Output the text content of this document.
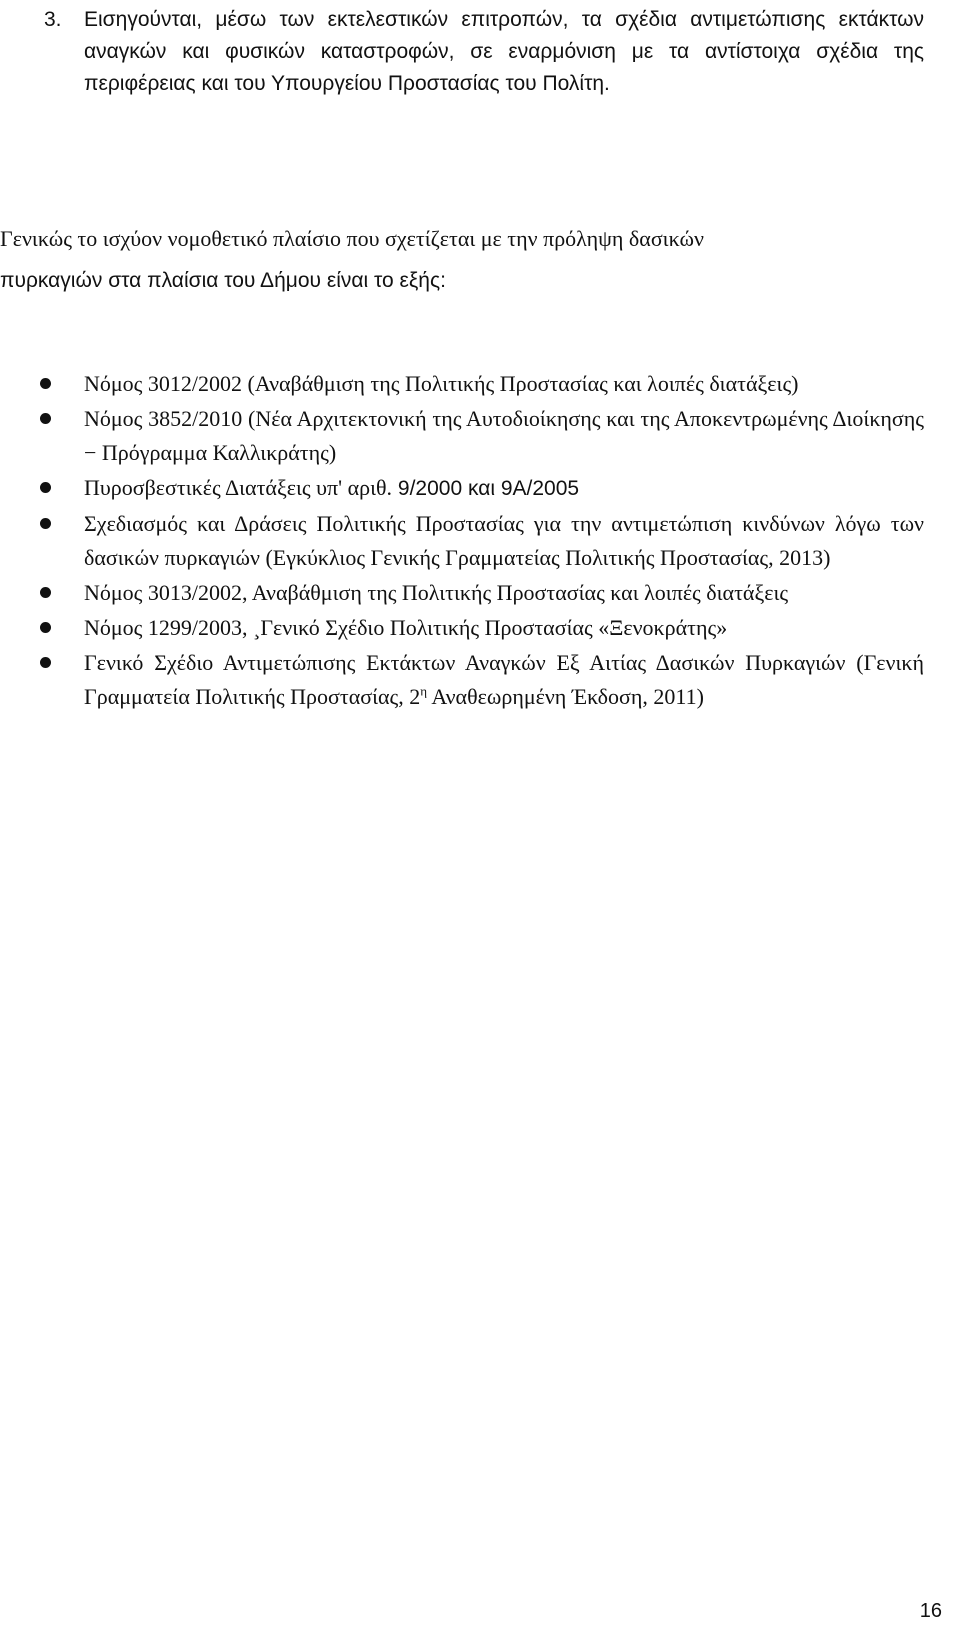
3.	Εισηγούνται, μέσω των εκτελεστικών επιτροπών, τα σχέδια αντιμετώπισης εκτάκτων αναγκών και φυσικών καταστροφών, σε εναρμόνιση με τα αντίστοιχα σχέδια της περιφέρειας και του Υπουργείου Προστασίας του Πολίτη.
Γενικώς το ισχύον νομοθετικό πλαίσιο που σχετίζεται με την πρόληψη δασικών
πυρκαγιών στα πλαίσια του Δήμου είναι το εξής:
Νόμος 3012/2002 (Αναβάθμιση της Πολιτικής Προστασίας και λοιπές διατάξεις)
Νόμος 3852/2010 (Νέα Αρχιτεκτονική της Αυτοδιοίκησης και της Αποκεντρωμένης Διοίκησης − Πρόγραμμα Καλλικράτης)
Πυροσβεστικές Διατάξεις υπ' αριθ. 9/2000 και 9Α/2005
Σχεδιασμός και Δράσεις Πολιτικής Προστασίας για την αντιμετώπιση κινδύνων λόγω των δασικών πυρκαγιών (Εγκύκλιος Γενικής Γραμματείας Πολιτικής Προστασίας, 2013)
Νόμος 3013/2002, Αναβάθμιση της Πολιτικής Προστασίας και λοιπές διατάξεις
Νόμος 1299/2003, ¸Γενικό Σχέδιο Πολιτικής Προστασίας «Ξενοκράτης»
Γενικό Σχέδιο Αντιμετώπισης Εκτάκτων Αναγκών Εξ Αιτίας Δασικών Πυρκαγιών (Γενική Γραμματεία Πολιτικής Προστασίας, $2^\eta$ Αναθεωρημένη Έκδοση, 2011)
16
